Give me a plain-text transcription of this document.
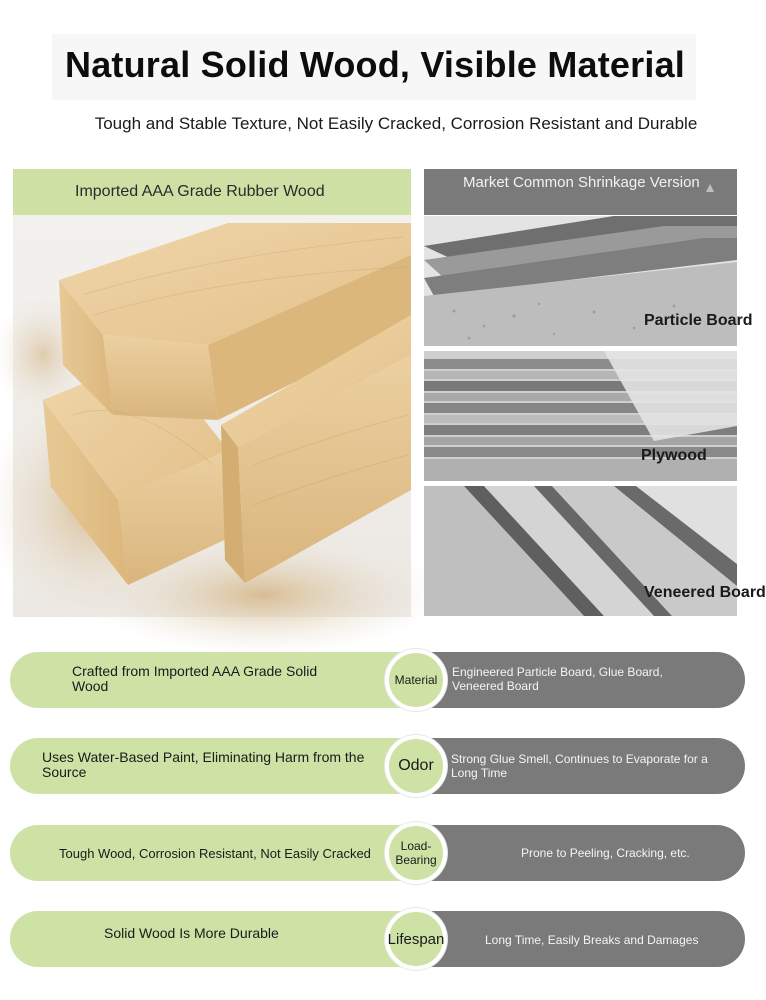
Natural Solid Wood, Visible Material

Tough and Stable Texture, Not Easily Cracked, Corrosion Resistant and Durable

Imported AAA Grade Rubber Wood
Market Common Shrinkage Version ▲
Particle Board
Plywood
Veneered Board
Crafted from Imported AAA Grade Solid Wood
Engineered Particle Board, Glue Board, Veneered Board
Material
Uses Water-Based Paint, Eliminating Harm from the Source
Strong Glue Smell, Continues to Evaporate for a Long Time
Odor
Tough Wood, Corrosion Resistant, Not Easily Cracked	Prone to Peeling, Cracking, etc.
Load-Bearing
Solid Wood Is More Durable	Long Time, Easily Breaks and Damages
Lifespan
